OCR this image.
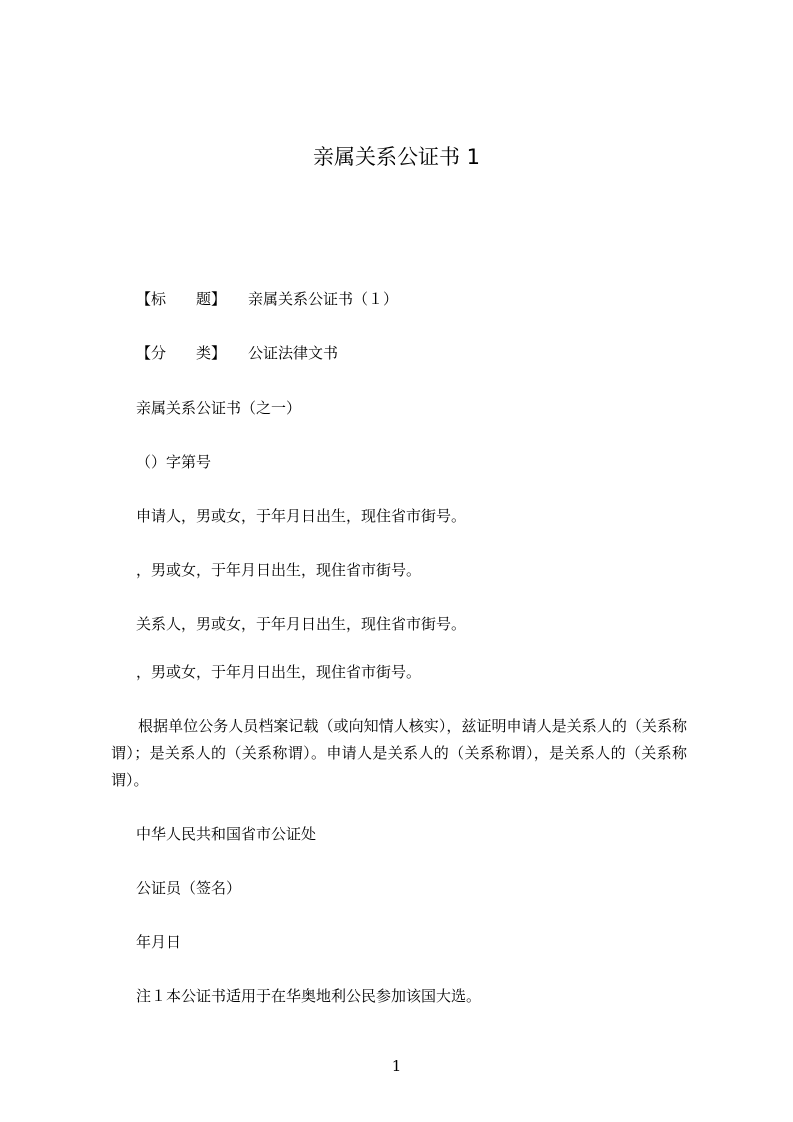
亲属关系公证书 1
【标　　题】 亲属关系公证书（１）
【分　　类】 公证法律文书
亲属关系公证书（之一）
（）字第号
申请人，男或女，于年月日出生，现住省市街号。
，男或女，于年月日出生，现住省市街号。
关系人，男或女，于年月日出生，现住省市街号。
，男或女，于年月日出生，现住省市街号。

根据单位公务人员档案记载（或向知情人核实），兹证明申请人是关系人的（关系称谓）；是关系人的（关系称谓）。申请人是关系人的（关系称谓），是关系人的（关系称谓）。

中华人民共和国省市公证处
公证员（签名）
年月日
注１本公证书适用于在华奥地利公民参加该国大选。
1
